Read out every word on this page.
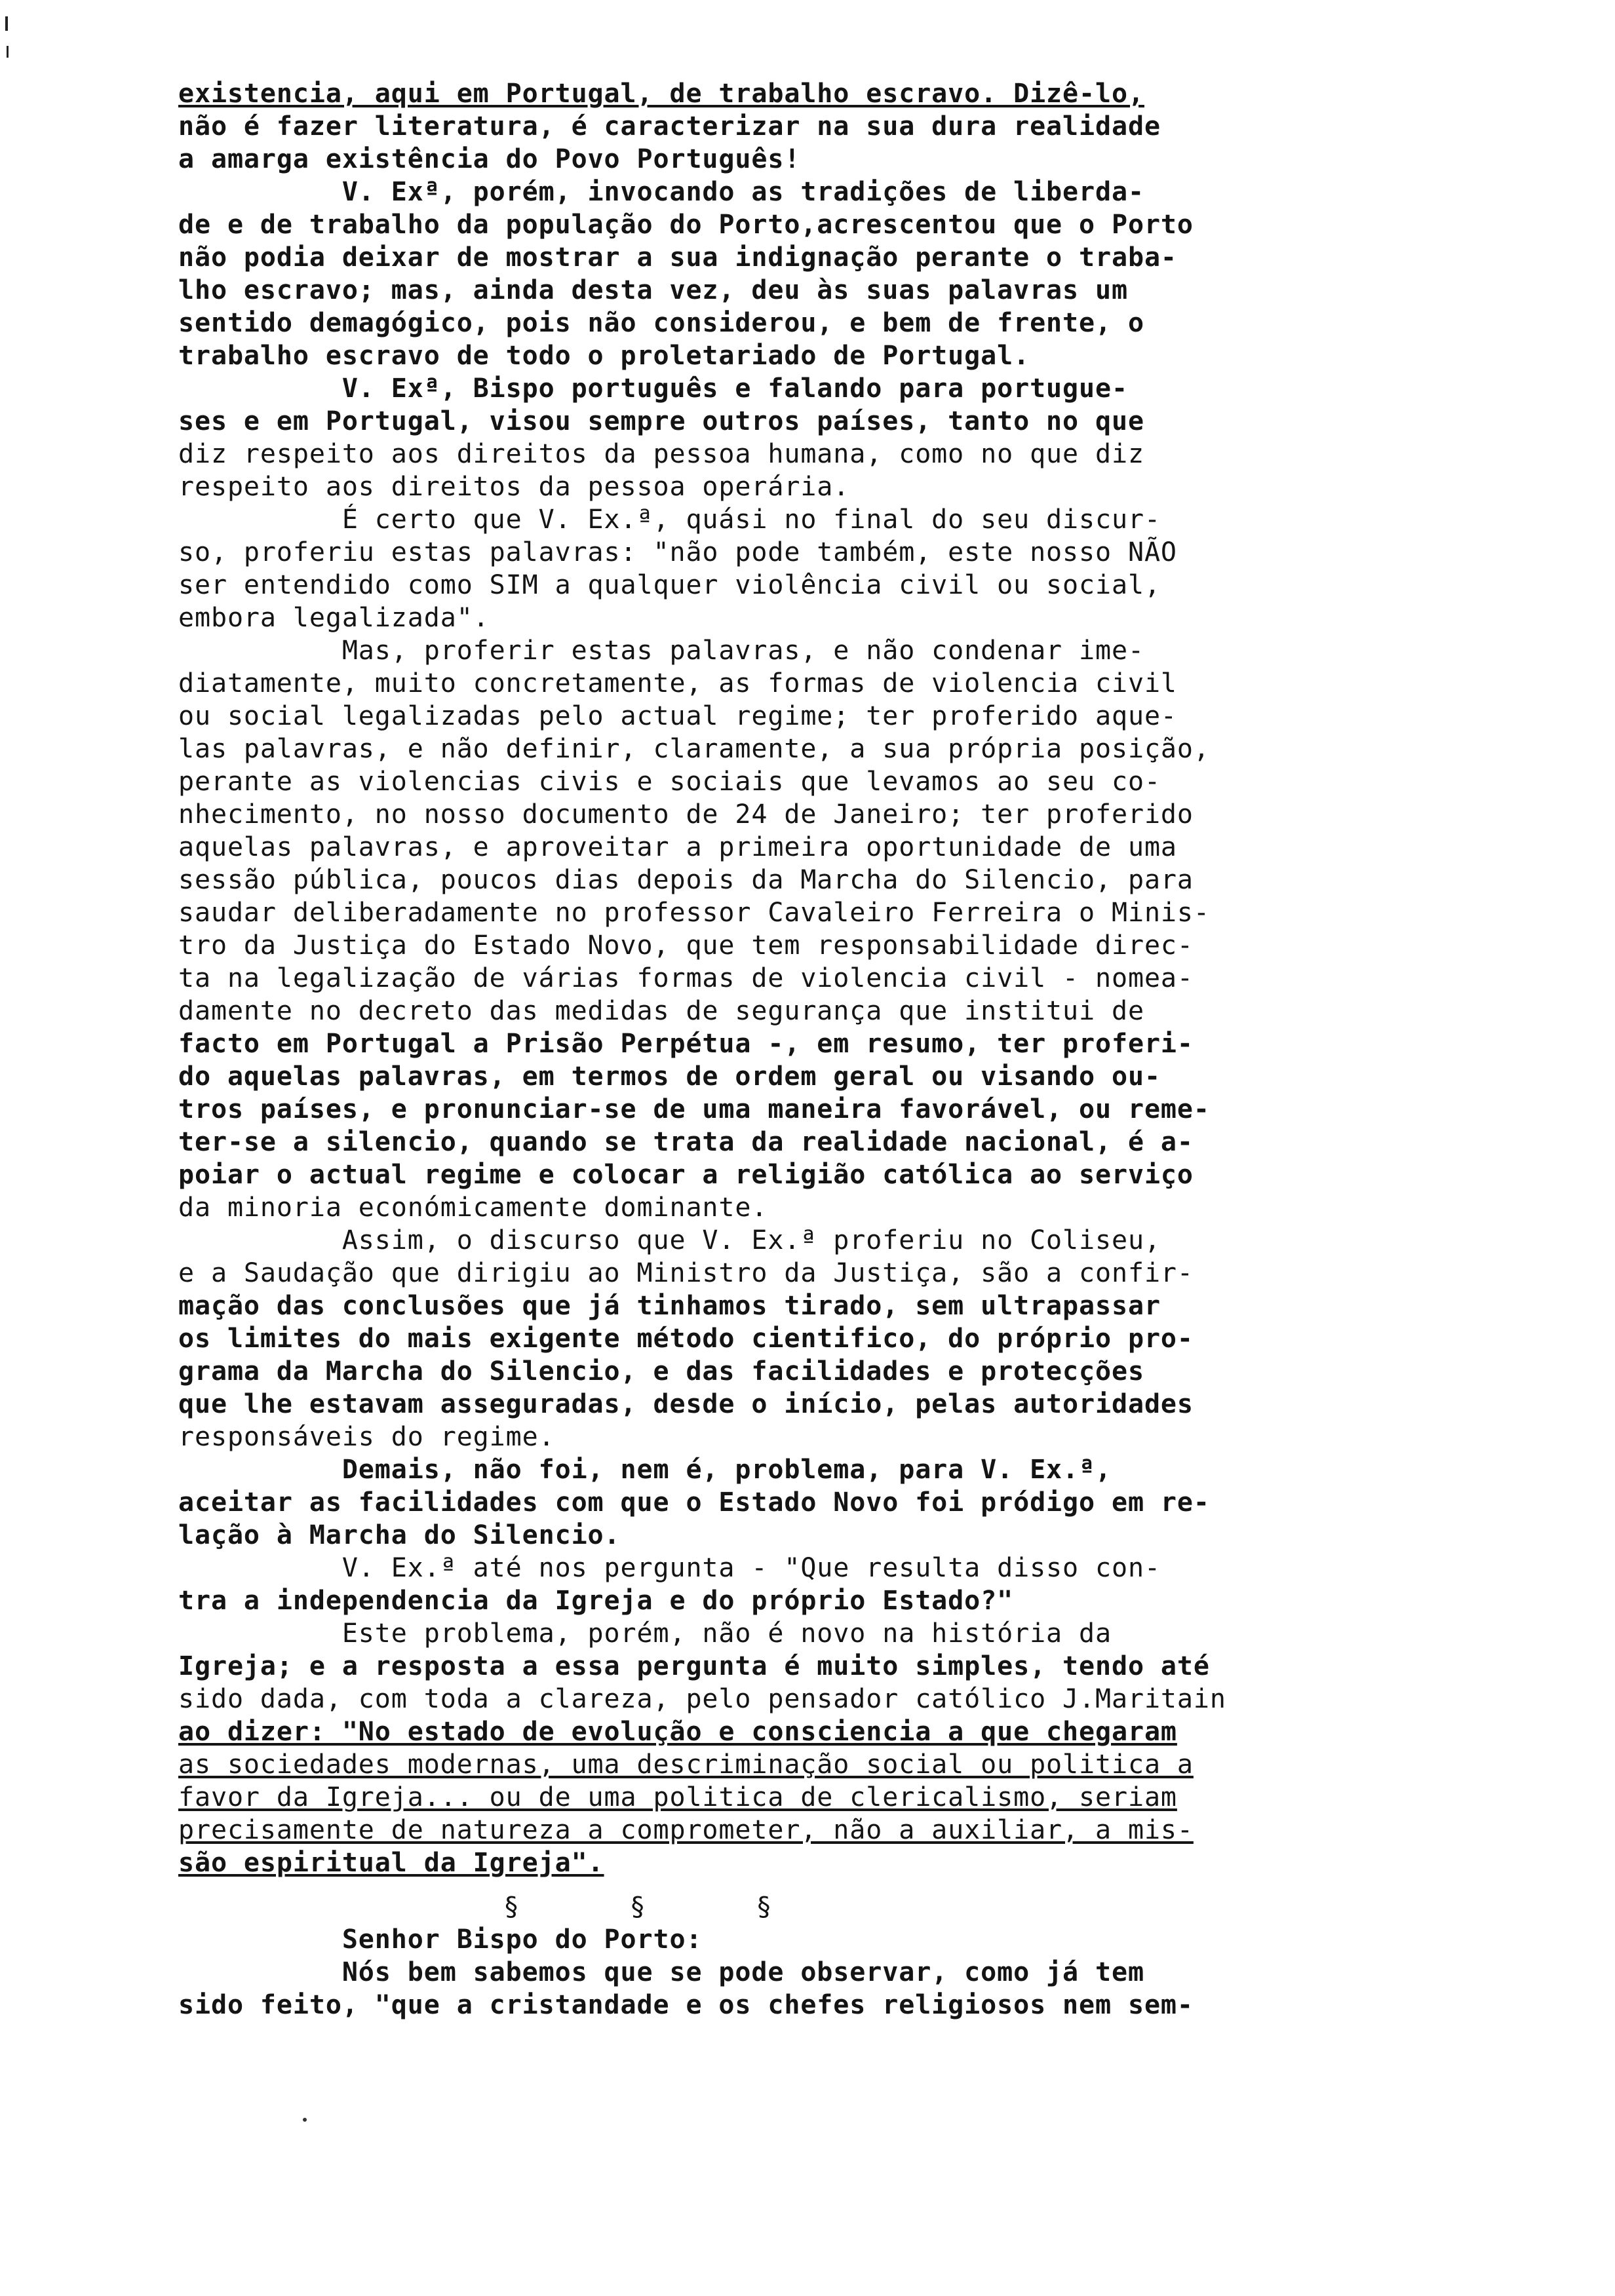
existencia, aqui em Portugal, de trabalho escravo. Dizê-lo,
não é fazer literatura, é caracterizar na sua dura realidade
a amarga existência do Povo Português!
V. Exª, porém, invocando as tradições de liberda-
de e de trabalho da população do Porto,acrescentou que o Porto
não podia deixar de mostrar a sua indignação perante o traba-
lho escravo; mas, ainda desta vez, deu às suas palavras um
sentido demagógico, pois não considerou, e bem de frente, o
trabalho escravo de todo o proletariado de Portugal.
V. Exª, Bispo português e falando para portugue-
ses e em Portugal, visou sempre outros países, tanto no que
diz respeito aos direitos da pessoa humana, como no que diz
respeito aos direitos da pessoa operária.
É certo que V. Ex.ª, quási no final do seu discur-
so, proferiu estas palavras: "não pode também, este nosso NÃO
ser entendido como SIM a qualquer violência civil ou social,
embora legalizada".
Mas, proferir estas palavras, e não condenar ime-
diatamente, muito concretamente, as formas de violencia civil
ou social legalizadas pelo actual regime; ter proferido aque-
las palavras, e não definir, claramente, a sua própria posição,
perante as violencias civis e sociais que levamos ao seu co-
nhecimento, no nosso documento de 24 de Janeiro; ter proferido
aquelas palavras, e aproveitar a primeira oportunidade de uma
sessão pública, poucos dias depois da Marcha do Silencio, para
saudar deliberadamente no professor Cavaleiro Ferreira o Minis-
tro da Justiça do Estado Novo, que tem responsabilidade direc-
ta na legalização de várias formas de violencia civil - nomea-
damente no decreto das medidas de segurança que institui de
facto em Portugal a Prisão Perpétua -, em resumo, ter proferi-
do aquelas palavras, em termos de ordem geral ou visando ou-
tros países, e pronunciar-se de uma maneira favorável, ou reme-
ter-se a silencio, quando se trata da realidade nacional, é a-
poiar o actual regime e colocar a religião católica ao serviço
da minoria económicamente dominante.
Assim, o discurso que V. Ex.ª proferiu no Coliseu,
e a Saudação que dirigiu ao Ministro da Justiça, são a confir-
mação das conclusões que já tinhamos tirado, sem ultrapassar
os limites do mais exigente método cientifico, do próprio pro-
grama da Marcha do Silencio, e das facilidades e protecções
que lhe estavam asseguradas, desde o início, pelas autoridades
responsáveis do regime.
Demais, não foi, nem é, problema, para V. Ex.ª,
aceitar as facilidades com que o Estado Novo foi pródigo em re-
lação à Marcha do Silencio.
V. Ex.ª até nos pergunta - "Que resulta disso con-
tra a independencia da Igreja e do próprio Estado?"
Este problema, porém, não é novo na história da
Igreja; e a resposta a essa pergunta é muito simples, tendo até
sido dada, com toda a clareza, pelo pensador católico J.Maritain
ao dizer: "No estado de evolução e consciencia a que chegaram
as sociedades modernas, uma descriminação social ou politica a
favor da Igreja... ou de uma politica de clericalismo, seriam
precisamente de natureza a comprometer, não a auxiliar, a mis-
são espiritual da Igreja".
§       §       §
Senhor Bispo do Porto:
Nós bem sabemos que se pode observar, como já tem
sido feito, "que a cristandade e os chefes religiosos nem sem-
